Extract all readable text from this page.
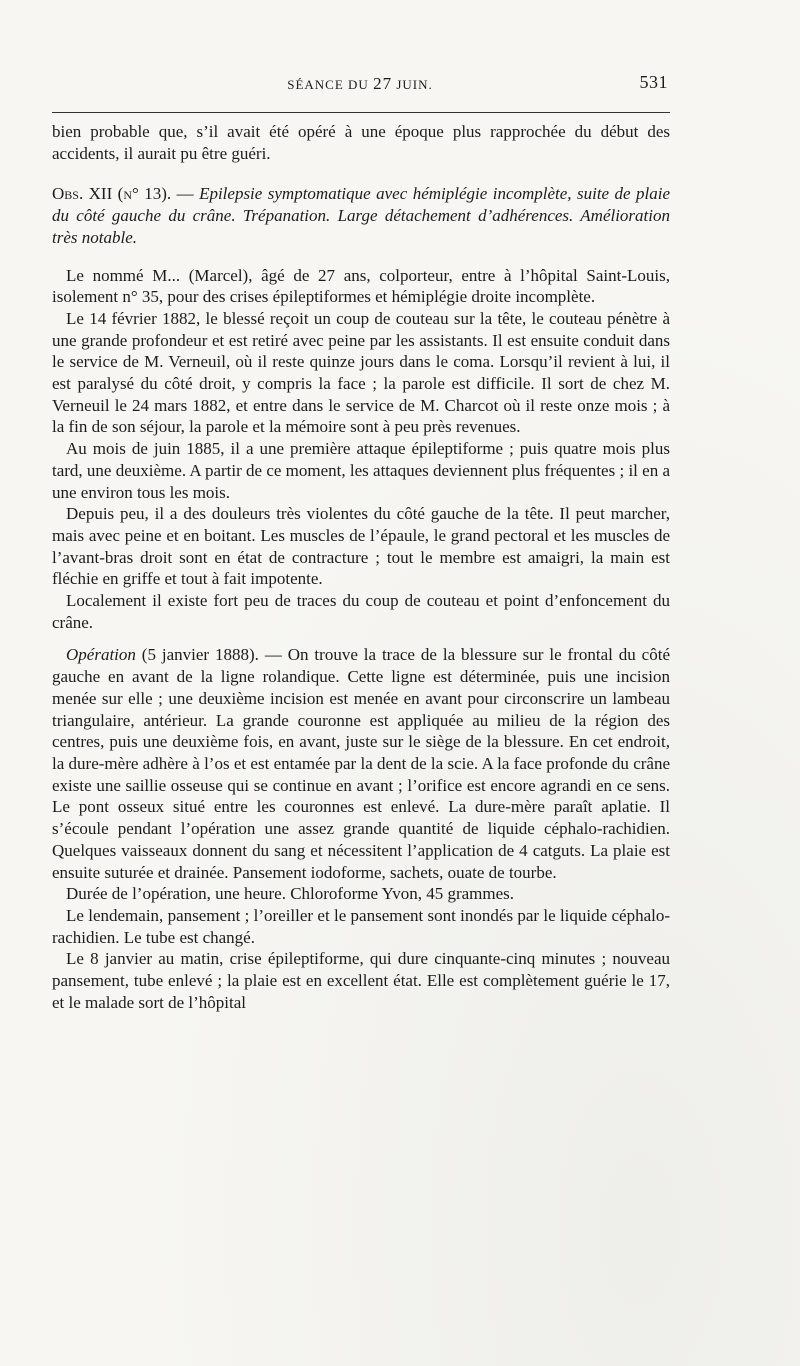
SÉANCE DU 27 JUIN.	531

bien probable que, s’il avait été opéré à une époque plus rapprochée du début des accidents, il aurait pu être guéri.

Obs. XII (n° 13). — Epilepsie symptomatique avec hémiplégie incomplète, suite de plaie du côté gauche du crâne. Trépanation. Large détachement d’adhérences. Amélioration très notable.

Le nommé M... (Marcel), âgé de 27 ans, colporteur, entre à l’hôpital Saint-Louis, isolement n° 35, pour des crises épileptiformes et hémiplégie droite incomplète.

Le 14 février 1882, le blessé reçoit un coup de couteau sur la tête, le couteau pénètre à une grande profondeur et est retiré avec peine par les assistants. Il est ensuite conduit dans le service de M. Verneuil, où il reste quinze jours dans le coma. Lorsqu’il revient à lui, il est paralysé du côté droit, y compris la face ; la parole est difficile. Il sort de chez M. Verneuil le 24 mars 1882, et entre dans le service de M. Charcot où il reste onze mois ; à la fin de son séjour, la parole et la mémoire sont à peu près revenues.

Au mois de juin 1885, il a une première attaque épileptiforme ; puis quatre mois plus tard, une deuxième. A partir de ce moment, les attaques deviennent plus fréquentes ; il en a une environ tous les mois.

Depuis peu, il a des douleurs très violentes du côté gauche de la tête. Il peut marcher, mais avec peine et en boitant. Les muscles de l’épaule, le grand pectoral et les muscles de l’avant-bras droit sont en état de contracture ; tout le membre est amaigri, la main est fléchie en griffe et tout à fait impotente.

Localement il existe fort peu de traces du coup de couteau et point d’enfoncement du crâne.

Opération (5 janvier 1888). — On trouve la trace de la blessure sur le frontal du côté gauche en avant de la ligne rolandique. Cette ligne est déterminée, puis une incision menée sur elle ; une deuxième incision est menée en avant pour circonscrire un lambeau triangulaire, antérieur. La grande couronne est appliquée au milieu de la région des centres, puis une deuxième fois, en avant, juste sur le siège de la blessure. En cet endroit, la dure-mère adhère à l’os et est entamée par la dent de la scie. A la face profonde du crâne existe une saillie osseuse qui se continue en avant ; l’orifice est encore agrandi en ce sens. Le pont osseux situé entre les couronnes est enlevé. La dure-mère paraît aplatie. Il s’écoule pendant l’opération une assez grande quantité de liquide céphalo-rachidien. Quelques vaisseaux donnent du sang et nécessitent l’application de 4 catguts. La plaie est ensuite suturée et drainée. Pansement iodoforme, sachets, ouate de tourbe.

Durée de l’opération, une heure. Chloroforme Yvon, 45 grammes.

Le lendemain, pansement ; l’oreiller et le pansement sont inondés par le liquide céphalo-rachidien. Le tube est changé.

Le 8 janvier au matin, crise épileptiforme, qui dure cinquante-cinq minutes ; nouveau pansement, tube enlevé ; la plaie est en excellent état. Elle est complètement guérie le 17, et le malade sort de l’hôpital
